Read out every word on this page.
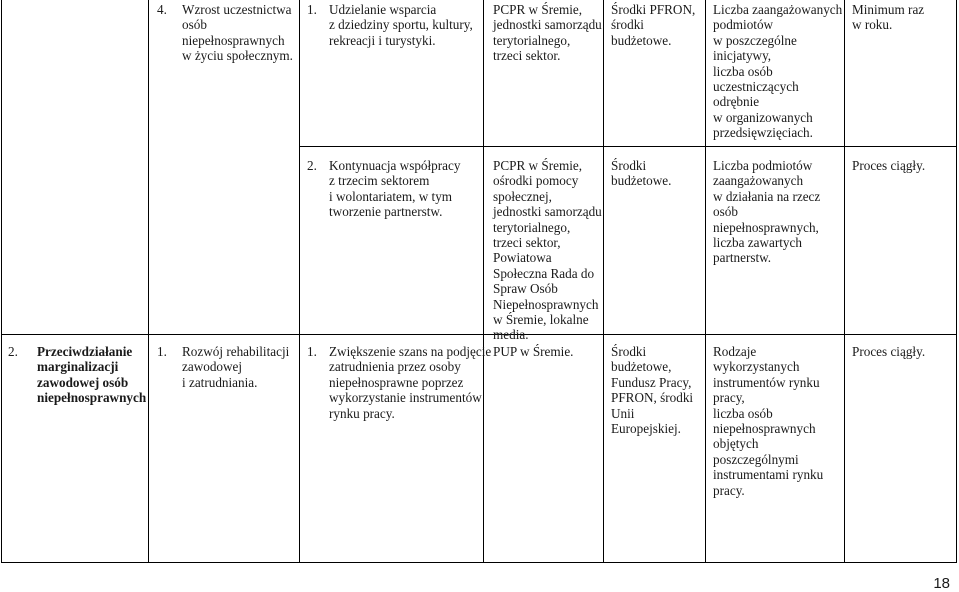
4. Wzrost uczestnictwa
osób
niepełnosprawnych
w życiu społecznym.
1. Udzielanie wsparcia
z dziedziny sportu, kultury,
rekreacji i turystyki.
PCPR w Śremie,
jednostki samorządu
terytorialnego,
trzeci sektor.
Środki PFRON,
środki
budżetowe.
Liczba zaangażowanych
podmiotów
w poszczególne
inicjatywy,
liczba osób
uczestniczących
odrębnie
w organizowanych
przedsięwzięciach.
Minimum raz
w roku.
2. Kontynuacja współpracy
z trzecim sektorem
i wolontariatem, w tym
tworzenie partnerstw.
PCPR w Śremie,
ośrodki pomocy
społecznej,
jednostki samorządu
terytorialnego,
trzeci sektor,
Powiatowa
Społeczna Rada do
Spraw Osób
Niepełnosprawnych
w Śremie, lokalne
media.
Środki
budżetowe.
Liczba podmiotów
zaangażowanych
w działania na rzecz
osób
niepełnosprawnych,
liczba zawartych
partnerstw.
Proces ciągły.
2. Przeciwdziałanie
marginalizacji
zawodowej osób
niepełnosprawnych
1. Rozwój rehabilitacji
zawodowej
i zatrudniania.
1. Zwiększenie szans na podjęcie
zatrudnienia przez osoby
niepełnosprawne poprzez
wykorzystanie instrumentów
rynku pracy.
PUP w Śremie.	Środki
budżetowe,
Fundusz Pracy,
PFRON, środki
Unii
Europejskiej.
Rodzaje
wykorzystanych
instrumentów rynku
pracy,
liczba osób
niepełnosprawnych
objętych
poszczególnymi
instrumentami rynku
pracy.
Proces ciągły.
18
